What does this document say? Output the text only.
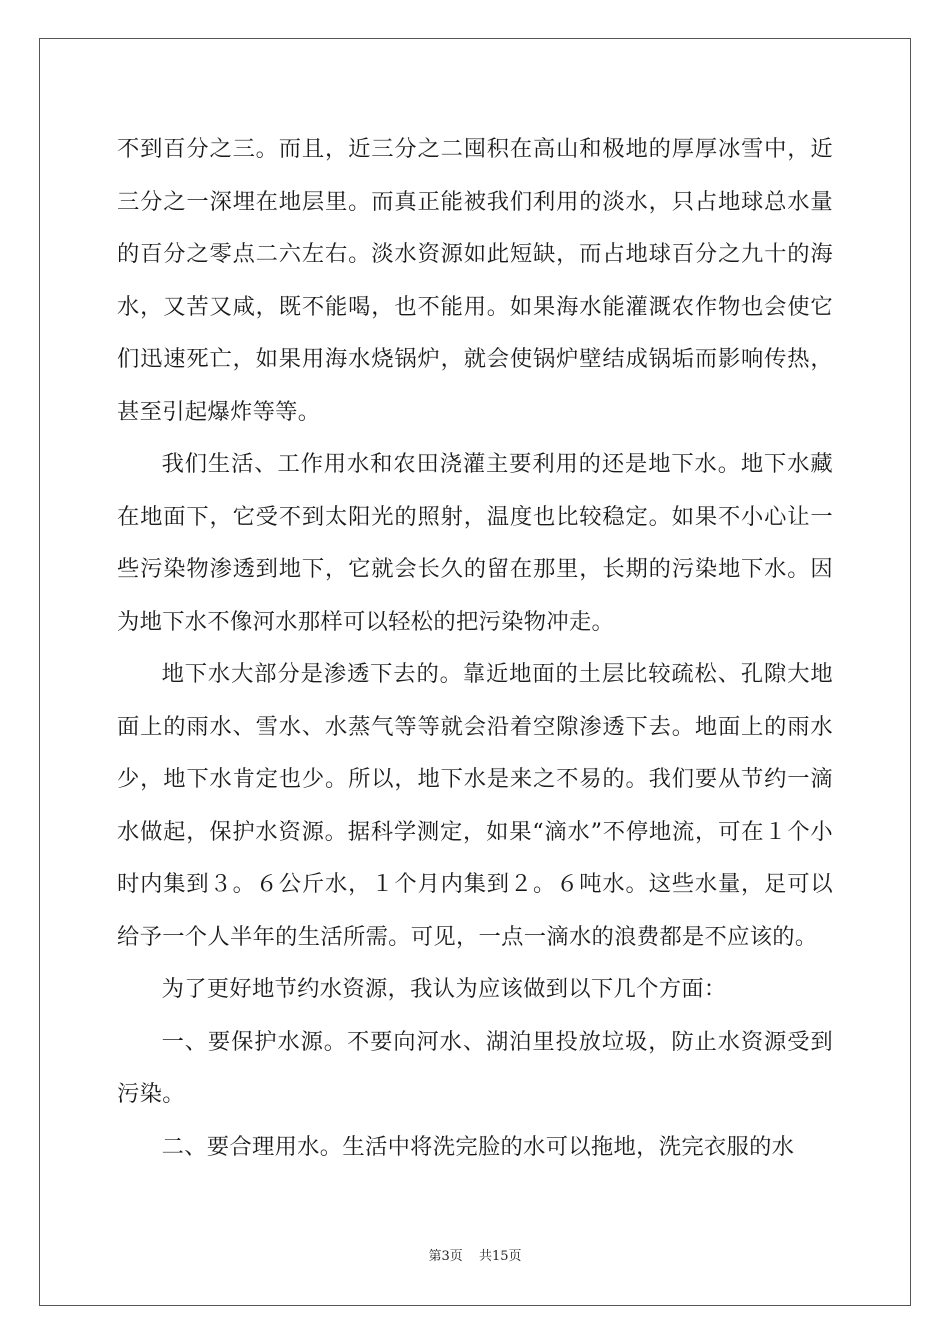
不到百分之三。而且，近三分之二囤积在高山和极地的厚厚冰雪中，近三分之一深埋在地层里。而真正能被我们利用的淡水，只占地球总水量的百分之零点二六左右。淡水资源如此短缺，而占地球百分之九十的海水，又苦又咸，既不能喝，也不能用。如果海水能灌溉农作物也会使它们迅速死亡，如果用海水烧锅炉，就会使锅炉壁结成锅垢而影响传热，甚至引起爆炸等等。

我们生活、工作用水和农田浇灌主要利用的还是地下水。地下水藏在地面下，它受不到太阳光的照射，温度也比较稳定。如果不小心让一些污染物渗透到地下，它就会长久的留在那里，长期的污染地下水。因为地下水不像河水那样可以轻松的把污染物冲走。

地下水大部分是渗透下去的。靠近地面的土层比较疏松、孔隙大地面上的雨水、雪水、水蒸气等等就会沿着空隙渗透下去。地面上的雨水少，地下水肯定也少。所以，地下水是来之不易的。我们要从节约一滴水做起，保护水资源。据科学测定，如果“滴水”不停地流，可在１个小时内集到３。６公斤水，１个月内集到２。６吨水。这些水量，足可以给予一个人半年的生活所需。可见，一点一滴水的浪费都是不应该的。

为了更好地节约水资源，我认为应该做到以下几个方面：

一、要保护水源。不要向河水、湖泊里投放垃圾，防止水资源受到污染。

二、要合理用水。生活中将洗完脸的水可以拖地，洗完衣服的水

第3页 共15页
